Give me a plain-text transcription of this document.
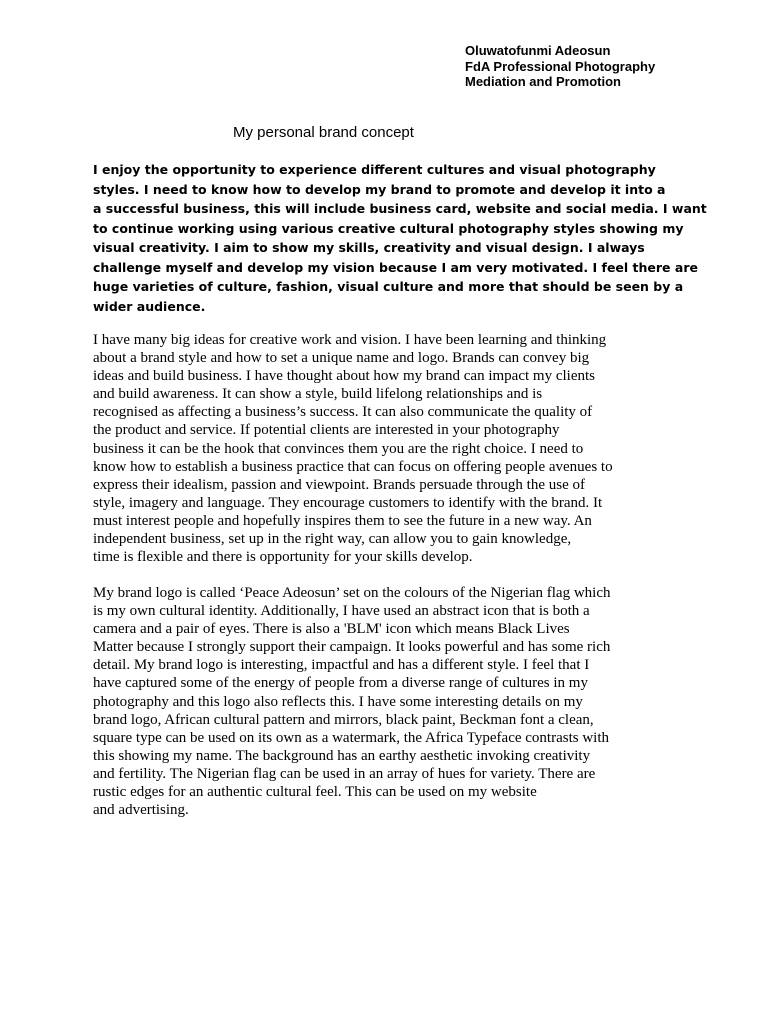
Oluwatofunmi Adeosun
FdA Professional Photography
Mediation and Promotion
My personal brand concept
I enjoy the opportunity to experience different cultures and visual photography
styles. I need to know how to develop my brand to promote and develop it into a
a successful business, this will include business card, website and social media. I want
to continue working using various creative cultural photography styles showing my
visual creativity. I aim to show my skills, creativity and visual design. I always
challenge myself and develop my vision because I am very motivated. I feel there are
huge varieties of culture, fashion, visual culture and more that should be seen by a
wider audience.
I have many big ideas for creative work and vision. I have been learning and thinking
about a brand style and how to set a unique name and logo. Brands can convey big
ideas and build business. I have thought about how my brand can impact my clients
and build awareness. It can show a style, build lifelong relationships and is
recognised as affecting a business’s success. It can also communicate the quality of
the product and service. If potential clients are interested in your photography
business it can be the hook that convinces them you are the right choice. I need to
know how to establish a business practice that can focus on offering people avenues to
express their idealism, passion and viewpoint. Brands persuade through the use of
style, imagery and language. They encourage customers to identify with the brand. It
must interest people and hopefully inspires them to see the future in a new way. An
independent business, set up in the right way, can allow you to gain knowledge,
time is flexible and there is opportunity for your skills develop.
My brand logo is called ‘Peace Adeosun’ set on the colours of the Nigerian flag which
is my own cultural identity. Additionally, I have used an abstract icon that is both a
camera and a pair of eyes. There is also a 'BLM' icon which means Black Lives
Matter because I strongly support their campaign. It looks powerful and has some rich
detail. My brand logo is interesting, impactful and has a different style. I feel that I
have captured some of the energy of people from a diverse range of cultures in my
photography and this logo also reflects this. I have some interesting details on my
brand logo, African cultural pattern and mirrors, black paint, Beckman font a clean,
square type can be used on its own as a watermark, the Africa Typeface contrasts with
this showing my name. The background has an earthy aesthetic invoking creativity
and fertility. The Nigerian flag can be used in an array of hues for variety. There are
rustic edges for an authentic cultural feel. This can be used on my website
and advertising.
